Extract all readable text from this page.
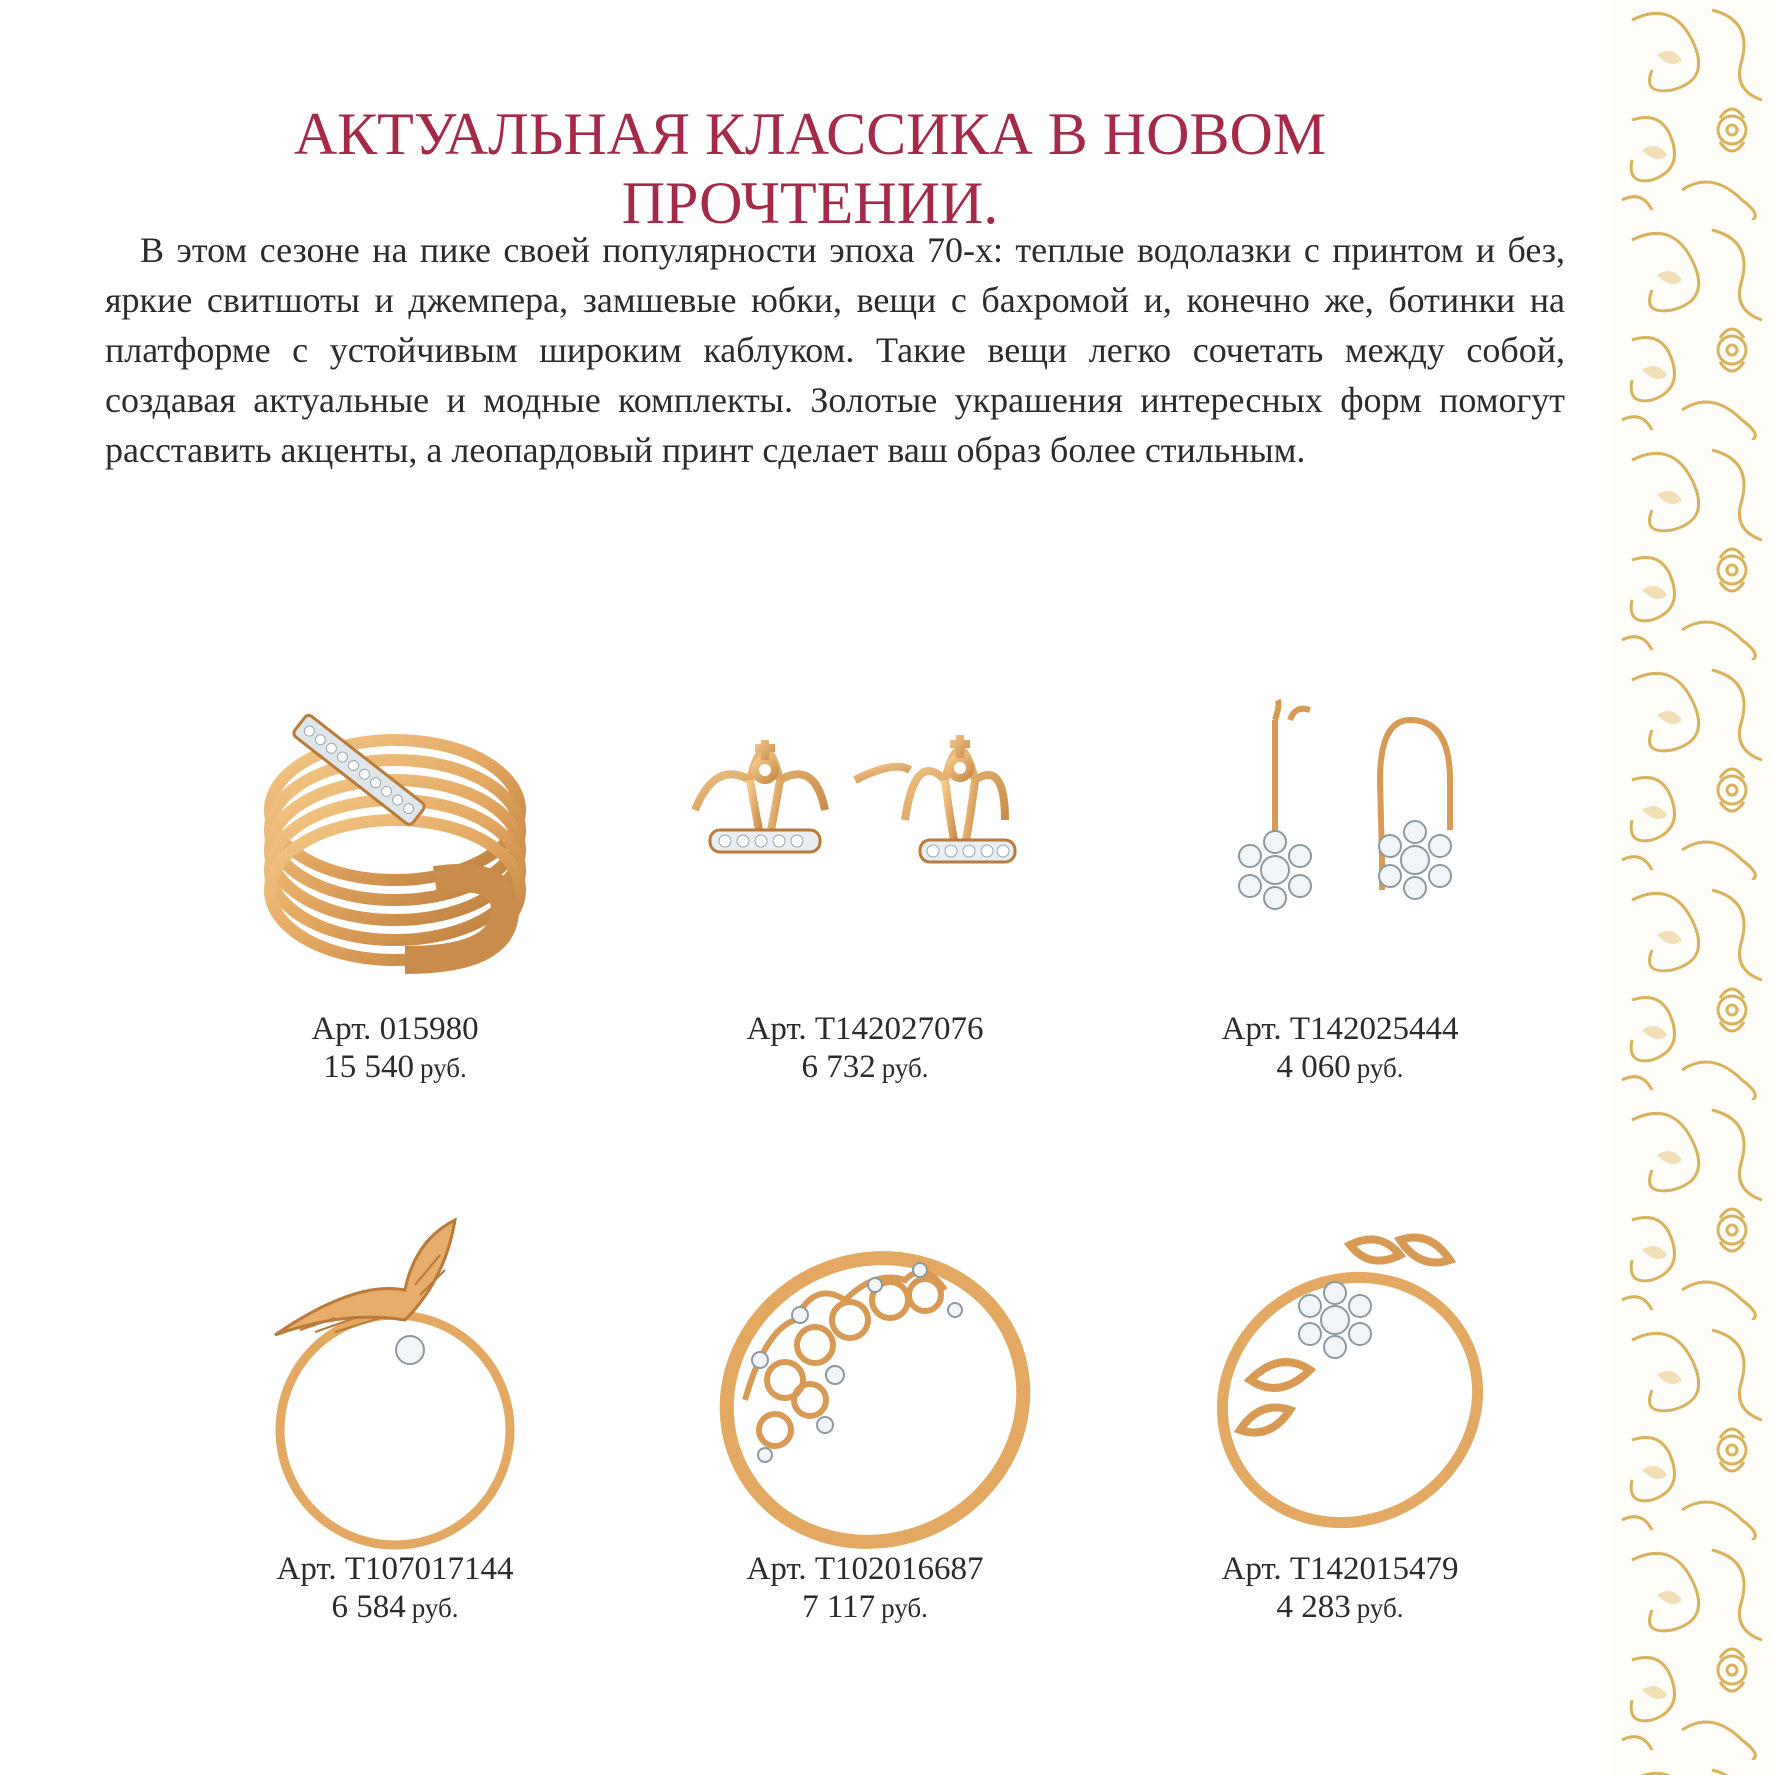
АКТУАЛЬНАЯ КЛАССИКА В НОВОМ ПРОЧТЕНИИ.

В этом сезоне на пике своей популярности эпоха 70-х: теплые водолазки с принтом и без, яркие свитшоты и джемпера, замшевые юбки, вещи с бахромой и, конечно же, ботинки на платформе с устойчивым широким каблуком. Такие вещи легко сочетать между собой, создавая актуальные и модные комплекты. Золотые украшения интересных форм помогут расставить акценты, а леопардовый принт сделает ваш образ более стильным.

Арт. 015980
15 540 руб.
Арт. Т142027076
6 732 руб.
Арт. Т142025444
4 060 руб.
Арт. Т107017144
6 584 руб.
Арт. Т102016687
7 117 руб.
Арт. Т142015479
4 283 руб.
